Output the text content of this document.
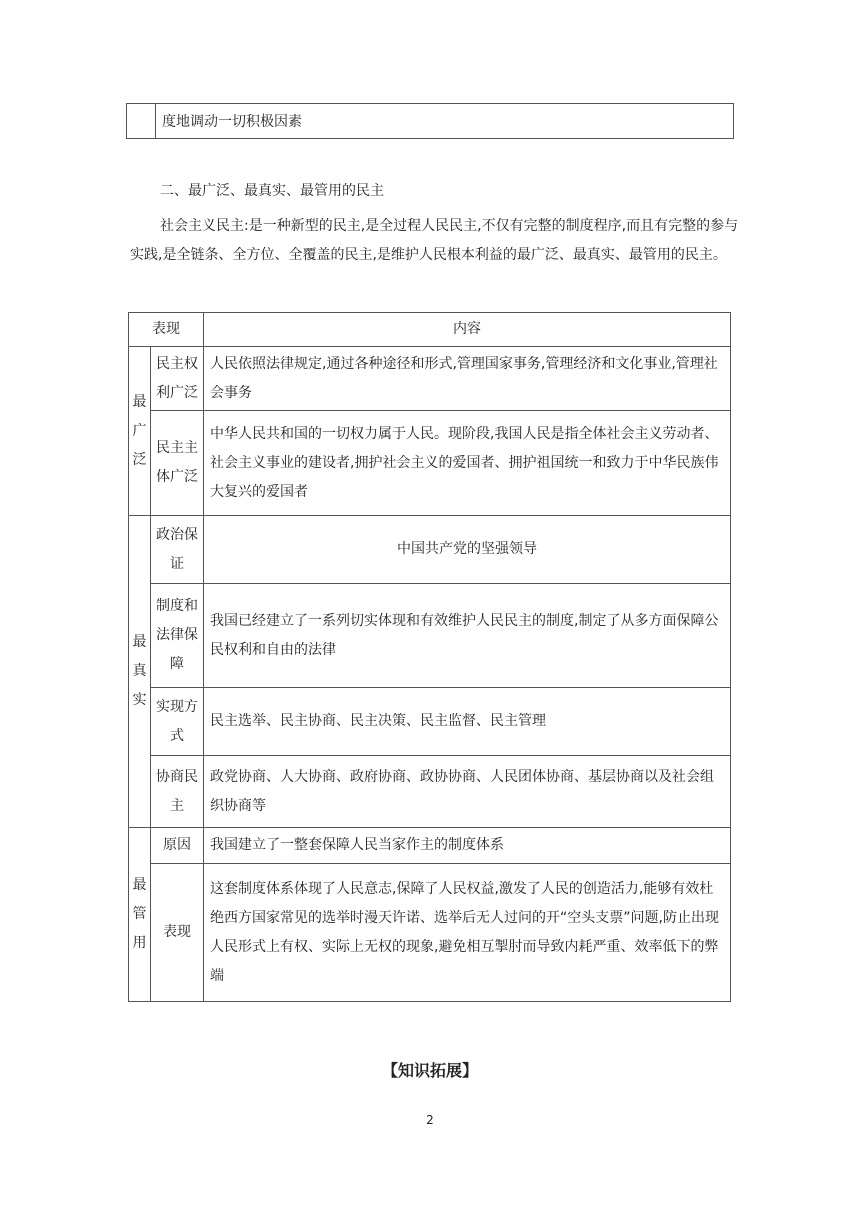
	度地调动一切积极因素
二、最广泛、最真实、最管用的民主
社会主义民主:是一种新型的民主,是全过程人民民主,不仅有完整的制度程序,而且有完整的参与实践,是全链条、全方位、全覆盖的民主,是维护人民根本利益的最广泛、最真实、最管用的民主。
表现		内容
最广泛	民主权利广泛	人民依照法律规定,通过各种途径和形式,管理国家事务,管理经济和文化事业,管理社会事务
	民主主体广泛	中华人民共和国的一切权力属于人民。现阶段,我国人民是指全体社会主义劳动者、社会主义事业的建设者,拥护社会主义的爱国者、拥护祖国统一和致力于中华民族伟大复兴的爱国者
最真实	政治保证	中国共产党的坚强领导
	制度和法律保障	我国已经建立了一系列切实体现和有效维护人民民主的制度,制定了从多方面保障公民权利和自由的法律
	实现方式	民主选举、民主协商、民主决策、民主监督、民主管理
	协商民主	政党协商、人大协商、政府协商、政协协商、人民团体协商、基层协商以及社会组织协商等
最管用	原因	我国建立了一整套保障人民当家作主的制度体系
	表现	这套制度体系体现了人民意志,保障了人民权益,激发了人民的创造活力,能够有效杜绝西方国家常见的选举时漫天许诺、选举后无人过问的开“空头支票”问题,防止出现人民形式上有权、实际上无权的现象,避免相互掣肘而导致内耗严重、效率低下的弊端
【知识拓展】
2
